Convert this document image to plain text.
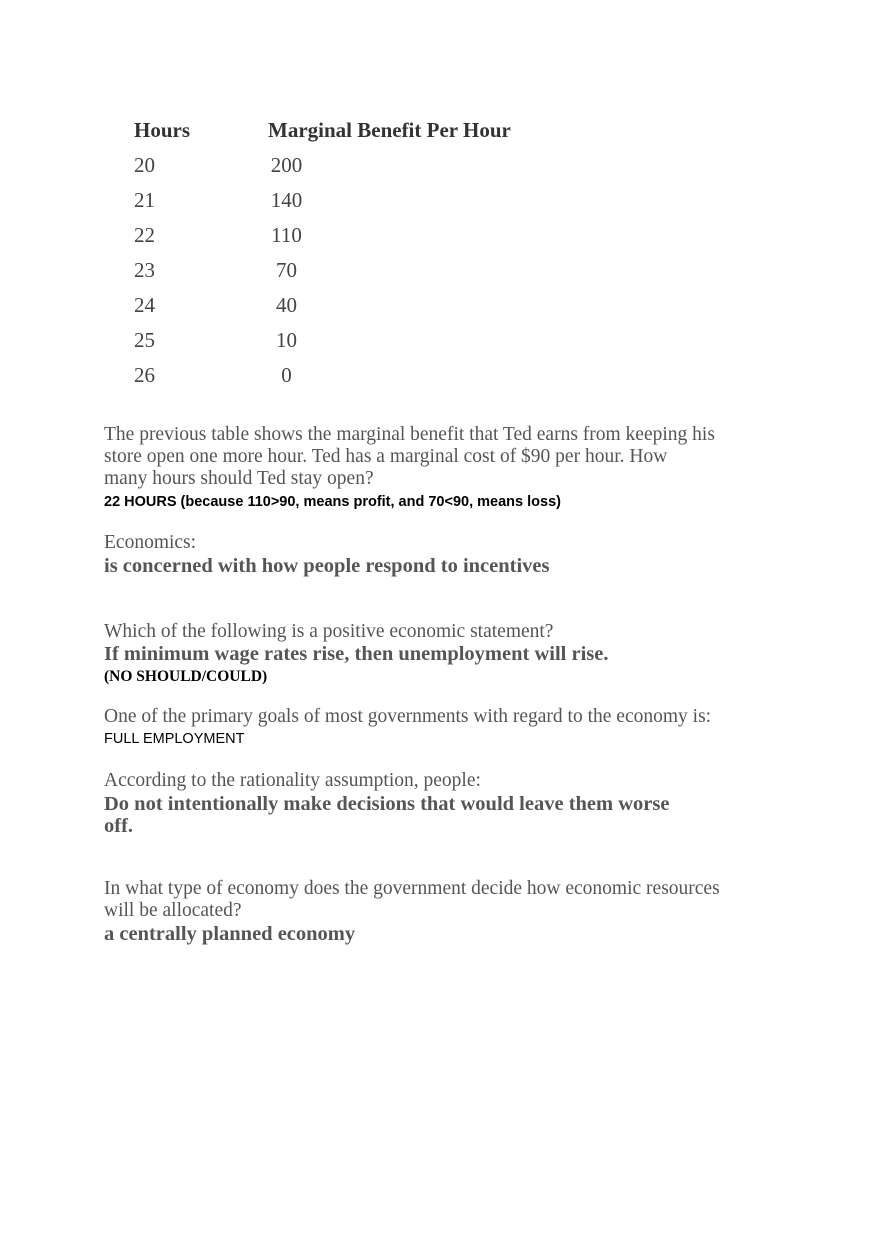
Hours	Marginal Benefit Per Hour
20	200
21	140
22	110
23	70
24	40
25	10
26	0

The previous table shows the marginal benefit that Ted earns from keeping his

store open one more hour. Ted has a marginal cost of $90 per hour. How

many hours should Ted stay open?

22 HOURS (because 110>90, means profit, and 70<90, means loss)

Economics:

is concerned with how people respond to incentives

Which of the following is a positive economic statement?

If minimum wage rates rise, then unemployment will rise.

(NO SHOULD/COULD)

One of the primary goals of most governments with regard to the economy is:

FULL EMPLOYMENT

According to the rationality assumption, people:

Do not intentionally make decisions that would leave them worse

off.

In what type of economy does the government decide how economic resources

will be allocated?

a centrally planned economy
